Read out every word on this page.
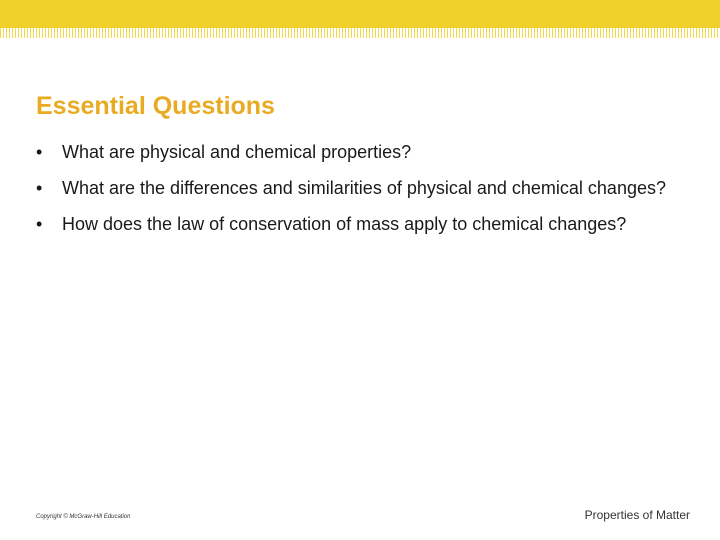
Essential Questions
• What are physical and chemical properties?
• What are the differences and similarities of physical and chemical changes?
• How does the law of conservation of mass apply to chemical changes?
Copyright © McGraw-Hill Education	Properties of Matter
